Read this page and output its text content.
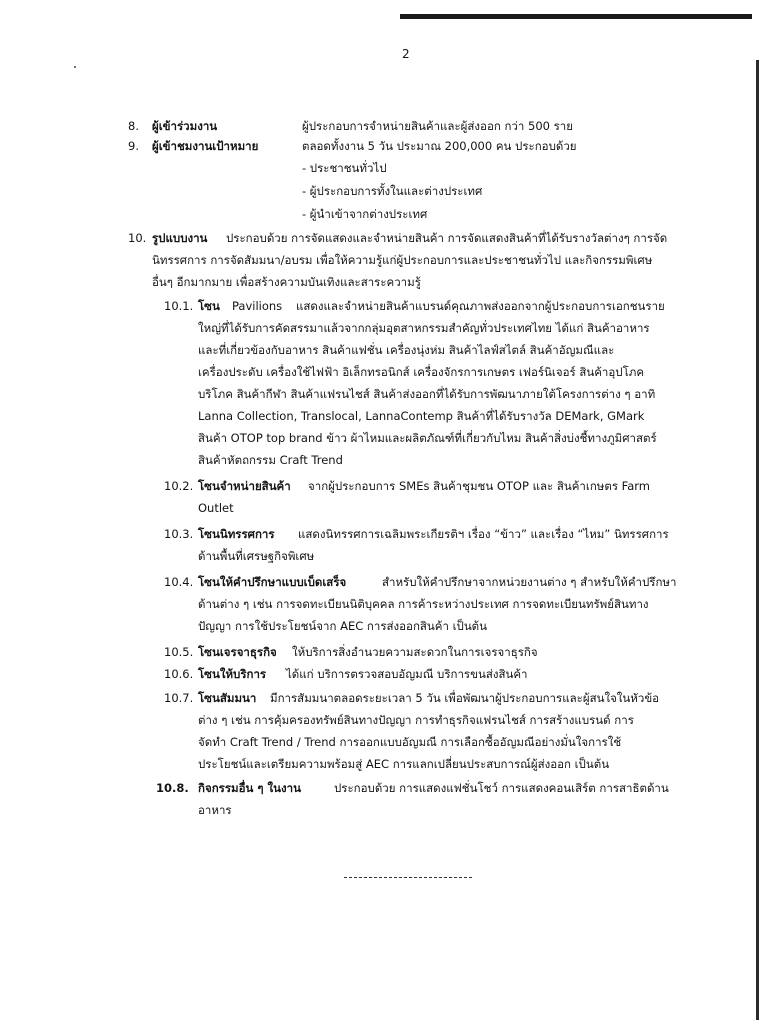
2
8. ผู้เข้าร่วมงาน	ผู้ประกอบการจำหน่ายสินค้าและผู้ส่งออก กว่า 500 ราย
9. ผู้เข้าชมงานเป้าหมาย	ตลอดทั้งงาน 5 วัน ประมาณ 200,000 คน ประกอบด้วย
- ประชาชนทั่วไป
- ผู้ประกอบการทั้งในและต่างประเทศ
- ผู้นำเข้าจากต่างประเทศ
10. รูปแบบงาน ประกอบด้วย การจัดแสดงและจำหน่ายสินค้า การจัดแสดงสินค้าที่ได้รับรางวัลต่างๆ การจัด
นิทรรศการ การจัดสัมมนา/อบรม เพื่อให้ความรู้แก่ผู้ประกอบการและประชาชนทั่วไป และกิจกรรมพิเศษ
อื่นๆ อีกมากมาย เพื่อสร้างความบันเทิงและสาระความรู้
10.1. โซน Pavilions แสดงและจำหน่ายสินค้าแบรนด์คุณภาพส่งออกจากผู้ประกอบการเอกชนราย
ใหญ่ที่ได้รับการคัดสรรมาแล้วจากกลุ่มอุตสาหกรรมสำคัญทั่วประเทศไทย ได้แก่ สินค้าอาหาร
และที่เกี่ยวข้องกับอาหาร สินค้าแฟชั่น เครื่องนุ่งห่ม สินค้าไลฟ์สไตล์ สินค้าอัญมณีและ
เครื่องประดับ เครื่องใช้ไฟฟ้า อิเล็กทรอนิกส์ เครื่องจักรการเกษตร เฟอร์นิเจอร์ สินค้าอุปโภค
บริโภค สินค้ากีฬา สินค้าแฟรนไชส์ สินค้าส่งออกที่ได้รับการพัฒนาภายใต้โครงการต่าง ๆ อาทิ
Lanna Collection, Translocal, LannaContemp สินค้าที่ได้รับรางวัล DEMark, GMark
สินค้า OTOP top brand ข้าว ผ้าไหมและผลิตภัณฑ์ที่เกี่ยวกับไหม สินค้าสิ่งบ่งชี้ทางภูมิศาสตร์
สินค้าหัตถกรรม Craft Trend
10.2. โซนจำหน่ายสินค้า จากผู้ประกอบการ SMEs สินค้าชุมชน OTOP และ สินค้าเกษตร Farm
Outlet
10.3. โซนนิทรรศการ แสดงนิทรรศการเฉลิมพระเกียรติฯ เรื่อง “ข้าว” และเรื่อง “ไหม” นิทรรศการ
ด้านพื้นที่เศรษฐกิจพิเศษ
10.4. โซนให้คำปรึกษาแบบเบ็ดเสร็จ	สำหรับให้คำปรึกษาจากหน่วยงานต่าง ๆ สำหรับให้คำปรึกษา
ด้านต่าง ๆ เช่น การจดทะเบียนนิติบุคคล การค้าระหว่างประเทศ การจดทะเบียนทรัพย์สินทาง
ปัญญา การใช้ประโยชน์จาก AEC การส่งออกสินค้า เป็นต้น
10.5. โซนเจรจาธุรกิจ ให้บริการสิ่งอำนวยความสะดวกในการเจรจาธุรกิจ
10.6. โซนให้บริการ ได้แก่ บริการตรวจสอบอัญมณี บริการขนส่งสินค้า
10.7. โซนสัมมนา มีการสัมมนาตลอดระยะเวลา 5 วัน เพื่อพัฒนาผู้ประกอบการและผู้สนใจในหัวข้อ
ต่าง ๆ เช่น การคุ้มครองทรัพย์สินทางปัญญา การทำธุรกิจแฟรนไชส์ การสร้างแบรนด์ การ
จัดทำ Craft Trend / Trend การออกแบบอัญมณี การเลือกซื้ออัญมณีอย่างมั่นใจการใช้
ประโยชน์และเตรียมความพร้อมสู่ AEC การแลกเปลี่ยนประสบการณ์ผู้ส่งออก เป็นต้น
10.8. กิจกรรมอื่น ๆ ในงาน	ประกอบด้วย การแสดงแฟชั่นโชว์ การแสดงคอนเสิร์ต การสาธิตด้าน
อาหาร
